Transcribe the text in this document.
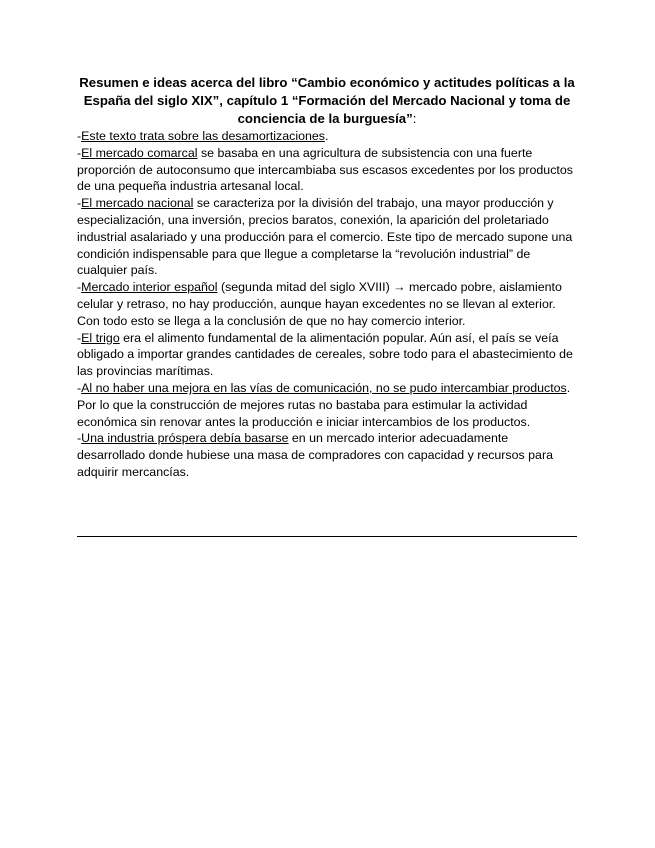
Resumen e ideas acerca del libro “Cambio económico y actitudes políticas a la España del siglo XIX”, capítulo 1 “Formación del Mercado Nacional y toma de conciencia de la burguesía”:

-Este texto trata sobre las desamortizaciones.

-El mercado comarcal se basaba en una agricultura de subsistencia con una fuerte proporción de autoconsumo que intercambiaba sus escasos excedentes por los productos de una pequeña industria artesanal local.

-El mercado nacional se caracteriza por la división del trabajo, una mayor producción y especialización, una inversión, precios baratos, conexión, la aparición del proletariado industrial asalariado y una producción para el comercio. Este tipo de mercado supone una condición indispensable para que llegue a completarse la “revolución industrial” de cualquier país.

-Mercado interior español (segunda mitad del siglo XVIII) → mercado pobre, aislamiento celular y retraso, no hay producción, aunque hayan excedentes no se llevan al exterior. Con todo esto se llega a la conclusión de que no hay comercio interior.

-El trigo era el alimento fundamental de la alimentación popular. Aún así, el país se veía obligado a importar grandes cantidades de cereales, sobre todo para el abastecimiento de las provincias marítimas.

-Al no haber una mejora en las vías de comunicación, no se pudo intercambiar productos. Por lo que la construcción de mejores rutas no bastaba para estimular la actividad económica sin renovar antes la producción e iniciar intercambios de los productos.

-Una industria próspera debía basarse en un mercado interior adecuadamente desarrollado donde hubiese una masa de compradores con capacidad y recursos para adquirir mercancías.
